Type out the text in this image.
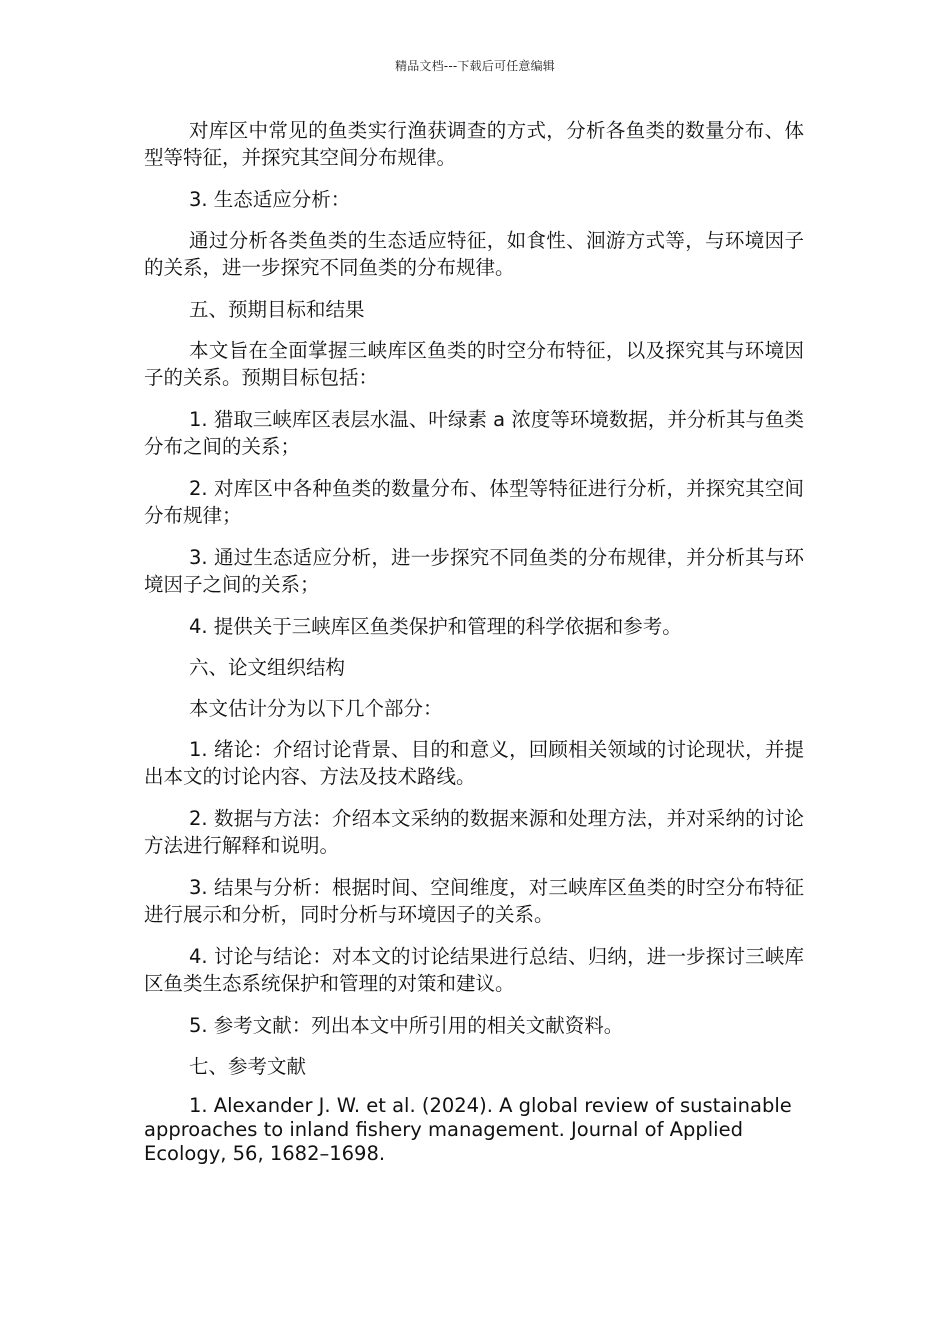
精品文档---下载后可任意编辑

对库区中常见的鱼类实行渔获调查的方式，分析各鱼类的数量分布、体型等特征，并探究其空间分布规律。

3. 生态适应分析：

通过分析各类鱼类的生态适应特征，如食性、洄游方式等，与环境因子的关系，进一步探究不同鱼类的分布规律。

五、预期目标和结果

本文旨在全面掌握三峡库区鱼类的时空分布特征，以及探究其与环境因子的关系。预期目标包括：

1. 猎取三峡库区表层水温、叶绿素 a 浓度等环境数据，并分析其与鱼类分布之间的关系；

2. 对库区中各种鱼类的数量分布、体型等特征进行分析，并探究其空间分布规律；

3. 通过生态适应分析，进一步探究不同鱼类的分布规律，并分析其与环境因子之间的关系；

4. 提供关于三峡库区鱼类保护和管理的科学依据和参考。

六、论文组织结构

本文估计分为以下几个部分：

1. 绪论：介绍讨论背景、目的和意义，回顾相关领域的讨论现状，并提出本文的讨论内容、方法及技术路线。

2. 数据与方法：介绍本文采纳的数据来源和处理方法，并对采纳的讨论方法进行解释和说明。

3. 结果与分析：根据时间、空间维度，对三峡库区鱼类的时空分布特征进行展示和分析，同时分析与环境因子的关系。

4. 讨论与结论：对本文的讨论结果进行总结、归纳，进一步探讨三峡库区鱼类生态系统保护和管理的对策和建议。

5. 参考文献：列出本文中所引用的相关文献资料。

七、参考文献

1. Alexander J. W. et al. (2024). A global review of sustainable approaches to inland fishery management. Journal of Applied Ecology, 56, 1682–1698.
